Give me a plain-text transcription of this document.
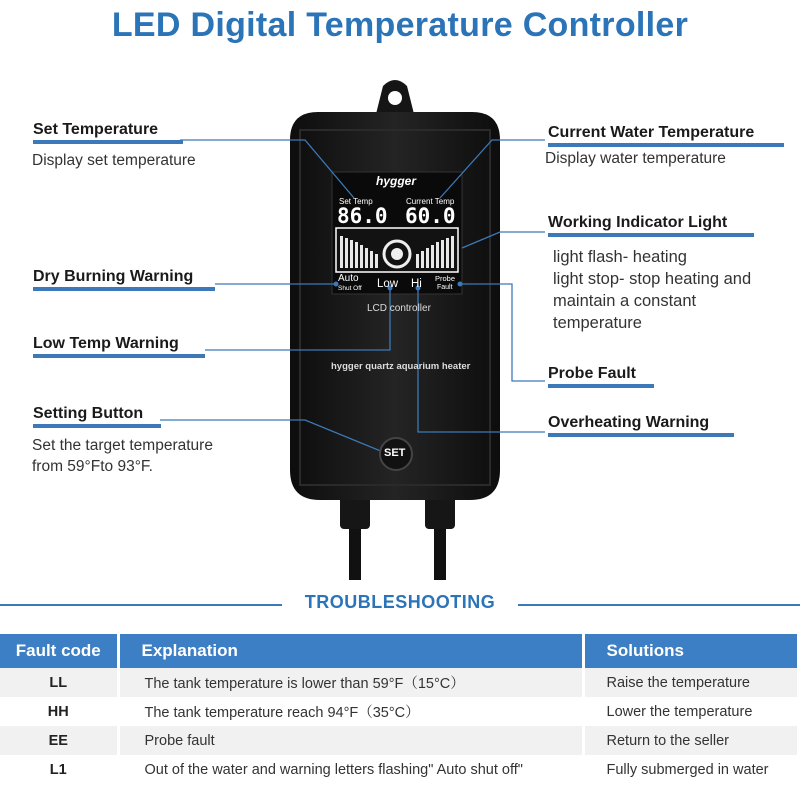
LED Digital Temperature Controller
hygger
Set Temp	Current Temp
86.0 60.0
Auto
Shut Off Low Hi Probe
Fault
LCD controller
hygger quartz aquarium heater
SET
Set Temperature
Display set temperature
Current Water Temperature
Display water temperature
Working Indicator Light
light flash- heating
light stop- stop heating and
maintain a constant
temperature
Dry Burning Warning
Low Temp Warning
Probe Fault
Setting Button
Set the target temperature
from 59°Fto 93°F.
Overheating Warning
TROUBLESHOOTING
Fault code	Explanation	Solutions
LL	The tank temperature is lower than 59°F（15°C）	Raise the temperature
HH	The tank temperature reach 94°F（35°C）	Lower the temperature
EE	Probe fault	Return to the seller
L1	Out of the water and warning letters flashing" Auto shut off"	Fully submerged in water
